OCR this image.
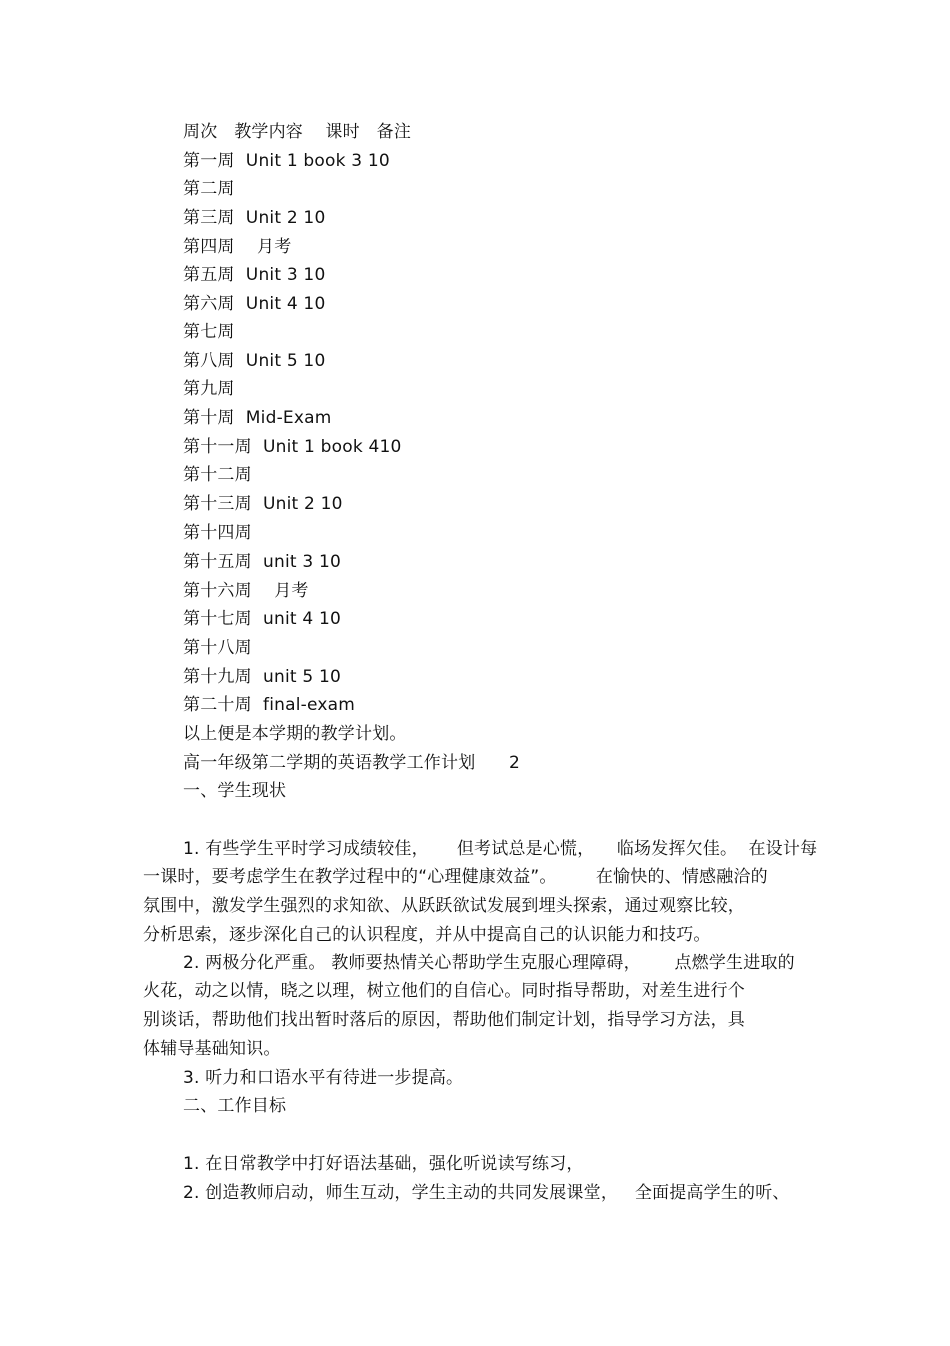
周次   教学内容    课时   备注
第一周  Unit 1 book 3 10
第二周
第三周  Unit 2 10
第四周    月考
第五周  Unit 3 10
第六周  Unit 4 10
第七周
第八周  Unit 5 10
第九周
第十周  Mid-Exam
第十一周  Unit 1 book 410
第十二周
第十三周  Unit 2 10
第十四周
第十五周  unit 3 10
第十六周    月考
第十七周  unit 4 10
第十八周
第十九周  unit 5 10
第二十周  final-exam
以上便是本学期的教学计划。
高一年级第二学期的英语教学工作计划      2
一、学生现状
1. 有些学生平时学习成绩较佳，     但考试总是心慌，    临场发挥欠佳。  在设计每
一课时，要考虑学生在教学过程中的“心理健康效益”。       在愉快的、情感融洽的
氛围中，激发学生强烈的求知欲、从跃跃欲试发展到埋头探索，通过观察比较，
分析思索，逐步深化自己的认识程度，并从中提高自己的认识能力和技巧。
2. 两极分化严重。 教师要热情关心帮助学生克服心理障碍，      点燃学生进取的
火花，动之以情，晓之以理，树立他们的自信心。同时指导帮助，对差生进行个
别谈话，帮助他们找出暂时落后的原因，帮助他们制定计划，指导学习方法，具
体辅导基础知识。
3. 听力和口语水平有待进一步提高。
二、工作目标
1. 在日常教学中打好语法基础，强化听说读写练习，
2. 创造教师启动，师生互动，学生主动的共同发展课堂，   全面提高学生的听、
